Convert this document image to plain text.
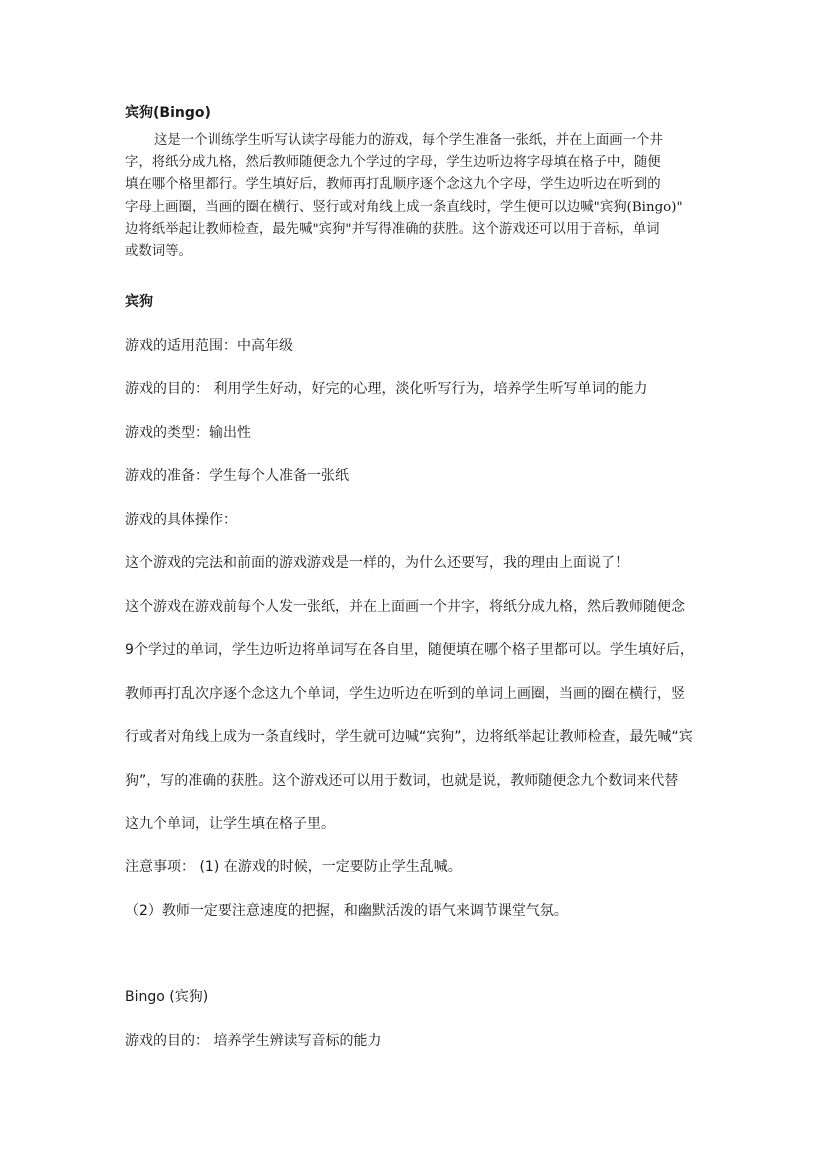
宾狗(Bingo)
这是一个训练学生听写认读字母能力的游戏，每个学生准备一张纸，并在上面画一个井
字，将纸分成九格，然后教师随便念九个学过的字母，学生边听边将字母填在格子中，随便
填在哪个格里都行。学生填好后，教师再打乱顺序逐个念这九个字母，学生边听边在听到的
字母上画圈，当画的圈在横行、竖行或对角线上成一条直线时，学生便可以边喊"宾狗(Bingo)"
边将纸举起让教师检查，最先喊"宾狗"并写得准确的获胜。这个游戏还可以用于音标，单词
或数词等。
宾狗
游戏的适用范围：中高年级
游戏的目的： 利用学生好动，好完的心理，淡化听写行为，培养学生听写单词的能力
游戏的类型：输出性
游戏的准备：学生每个人准备一张纸
游戏的具体操作：
这个游戏的完法和前面的游戏游戏是一样的，为什么还要写，我的理由上面说了！
这个游戏在游戏前每个人发一张纸，并在上面画一个井字，将纸分成九格，然后教师随便念
9个学过的单词，学生边听边将单词写在各自里，随便填在哪个格子里都可以。学生填好后，
教师再打乱次序逐个念这九个单词，学生边听边在听到的单词上画圈，当画的圈在横行，竖
行或者对角线上成为一条直线时，学生就可边喊“宾狗”，边将纸举起让教师检查，最先喊“宾
狗”，写的准确的获胜。这个游戏还可以用于数词，也就是说，教师随便念九个数词来代替
这九个单词，让学生填在格子里。
注意事项： (1) 在游戏的时候，一定要防止学生乱喊。
（2）教师一定要注意速度的把握，和幽默活泼的语气来调节课堂气氛。
Bingo (宾狗)
游戏的目的： 培养学生辨读写音标的能力
